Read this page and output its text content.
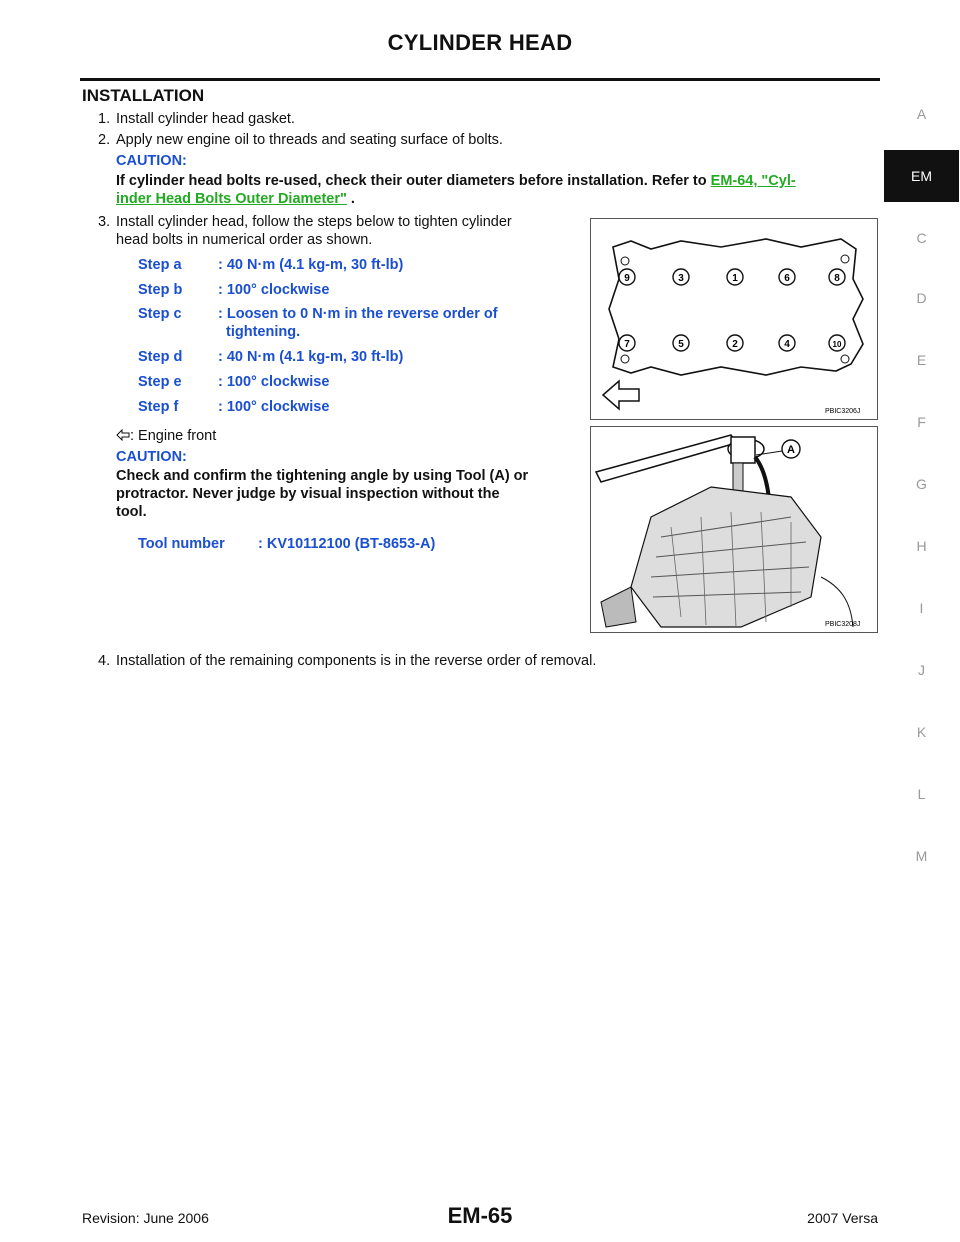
CYLINDER HEAD
INSTALLATION
1. Install cylinder head gasket.
2. Apply new engine oil to threads and seating surface of bolts.
CAUTION:
If cylinder head bolts re-used, check their outer diameters before installation. Refer to EM-64, "Cyl-
inder Head Bolts Outer Diameter" .
3. Install cylinder head, follow the steps below to tighten cylinder
head bolts in numerical order as shown.
Step a	: 40 N·m (4.1 kg-m, 30 ft-lb)
Step b : 100° clockwise
Step c	: Loosen to 0 N·m in the reverse order of
tightening.
Step d : 40 N·m (4.1 kg-m, 30 ft-lb)
Step e	: 100° clockwise
Step f	: 100° clockwise
: Engine front
CAUTION:
Check and confirm the tightening angle by using Tool (A) or
protractor. Never judge by visual inspection without the
tool.
Tool number : KV10112100 (BT-8653-A)
4. Installation of the remaining components is in the reverse order of removal.
9	3	1	6	8
7	5	2	4	10
PBIC3206J
A
PBIC3208J
A
EM
C
D
E
F
G
H
I
J
K
L
M
Revision: June 2006	EM-65	2007 Versa
